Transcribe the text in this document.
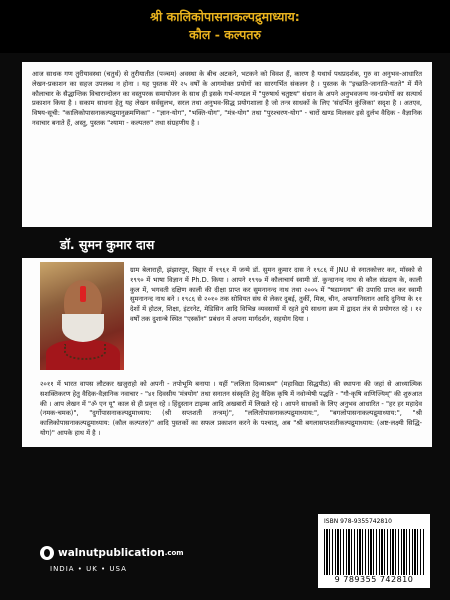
श्री कालिकोपासनाकल्पद्रुमाध्याय:
कौल - कल्पतरु
आज साधक गण तुरीयावस्था (चतुर्थ) से तुरीयातीत (पञ्चम) अवस्था के बीच अटकने, भटकने को विवश हैं, कारण है यथार्थ पथप्रदर्शक, गुरु वा अनुभव-आधारित लेखन-प्रकाशन का सहज उपलब्ध न होना । यह पुस्तक मेरे २५ वर्षों के आगमोक्त प्रयोगों का सारगर्भित संकलन है । पुस्तक के "इच्छति-जानाति-यतते" में मैंने कौलाचार के सैद्धान्तिक विचारान्दोलन का वस्तुपरक समायोजन के साथ ही इसके गर्भ-मण्डल में "पुरुषार्थ चतुष्टय" संधान के अपने अनुभवजन्य नव-प्रयोगों का सत्यार्थ प्रकाशन किया है । सकाम साधना हेतु यह लेखन सर्वसुलभ, सरल तथा अनुभव-सिद्ध प्रयोगशाला है जो तन्त्र साधकों के लिए 'संदर्भित कुंजिका' सदृश है । अतएव, विषय-सूची: "कालिकोपासनाकल्पद्रुमानुक्रमणिका" - "ज्ञान-योग", "भक्ति-योग", "मंत्र-योग" तथा "पुरश्चरण-योग" - चारों खण्ड मिलकर इसे दुर्लभ वैदिक - वैज्ञानिक नवाचार बनाते हैं, अस्तु, पुस्तक "श्यामा - कल्पतरु" तथा संग्रहणीय है ।
डॉ. सुमन कुमार दास
ग्राम बेलाराही, झंझारपुर, बिहार में १९६१ में जन्मे डॉ. सुमन कुमार दास ने १९८६ में JNU से स्नातकोत्तर कर, मॉस्को से १९९० में भाषा विज्ञान में Ph.D. किया । आपने १९९७ में कौलाचार्य स्वामी डॉ. कुन्दानन्द नाथ से कौल संप्रदाय के, काली कुल में, भगवती दक्षिण काली की दीक्षा प्राप्त कर सुमनानन्द नाथ तथा २००५ में "षडाम्नाय" की उपाधि प्राप्त कर स्वामी सुमनानन्द नाथ बने । १९८६ से २०१० तक सोवियत संघ से लेकर दुबई, तुर्की, मिस्र, चीन, अफगानिस्तान आदि दुनिया के ११ देशों में होटल, शिक्षा, इंटरनेट, मेडिसिन आदि विभिन्न व्यवसायों में रहते हुये साधना क्रम में द्वादश तंत्र से प्रयोगरत रहे । १२ वर्षों तक दुशान्बे स्थित "एस्कॉन" प्रबंधन में अपना मार्गदर्शन, सहयोग दिया ।
२०११ में भारत वापस लौटकर खजुराहो को अपनी - तपोभूमि बनाया । यहीं "ललिता दिव्याश्रम" (महाविद्या सिद्धपीठ) की स्थापना की जहां से आध्यात्मिक सशक्तिकरण हेतु वैदिक-वैज्ञानिक नवाचार - "४१ दिवसीय 'मंत्रयोग' तथा सनातन संस्कृति हेतु वैदिक कृषि में नवोन्मेषी पद्धति - "गौ-कृषि वाणिज्यिम्" की शुरुआत की । आप लेखन में "ॐ एन यू" काल से ही प्रवृत्त रहे । हिंदुस्तान टाइम्स आदि अखबारों में लिखते रहे । आपने साधकों के लिए अनुभव आधारित - "हर हर महादेव (नमक-चमक)", "दुर्गोपासनाकल्पद्रुमाध्याय: (श्री सप्तशती तन्त्रम्)", "ललितोपासनाकल्पद्रुमाध्याय:", "बगलोपासनाकल्पद्रुमाध्याय:", "श्री कालिकोपासनाकल्पद्रुमाध्याय: (कौल कल्पतरु)" आदि पुस्तकों का सफल प्रकाशन करने के पश्चात्, अब "श्री बगलासप्तशतीकल्पद्रुमाध्याय: (अष्ट-लक्ष्मी सिद्धि-योग)" आपके हाथ में है ।
walnutpublication .com
INDIA • UK • USA
ISBN 978-9355742810
9 789355 742810
